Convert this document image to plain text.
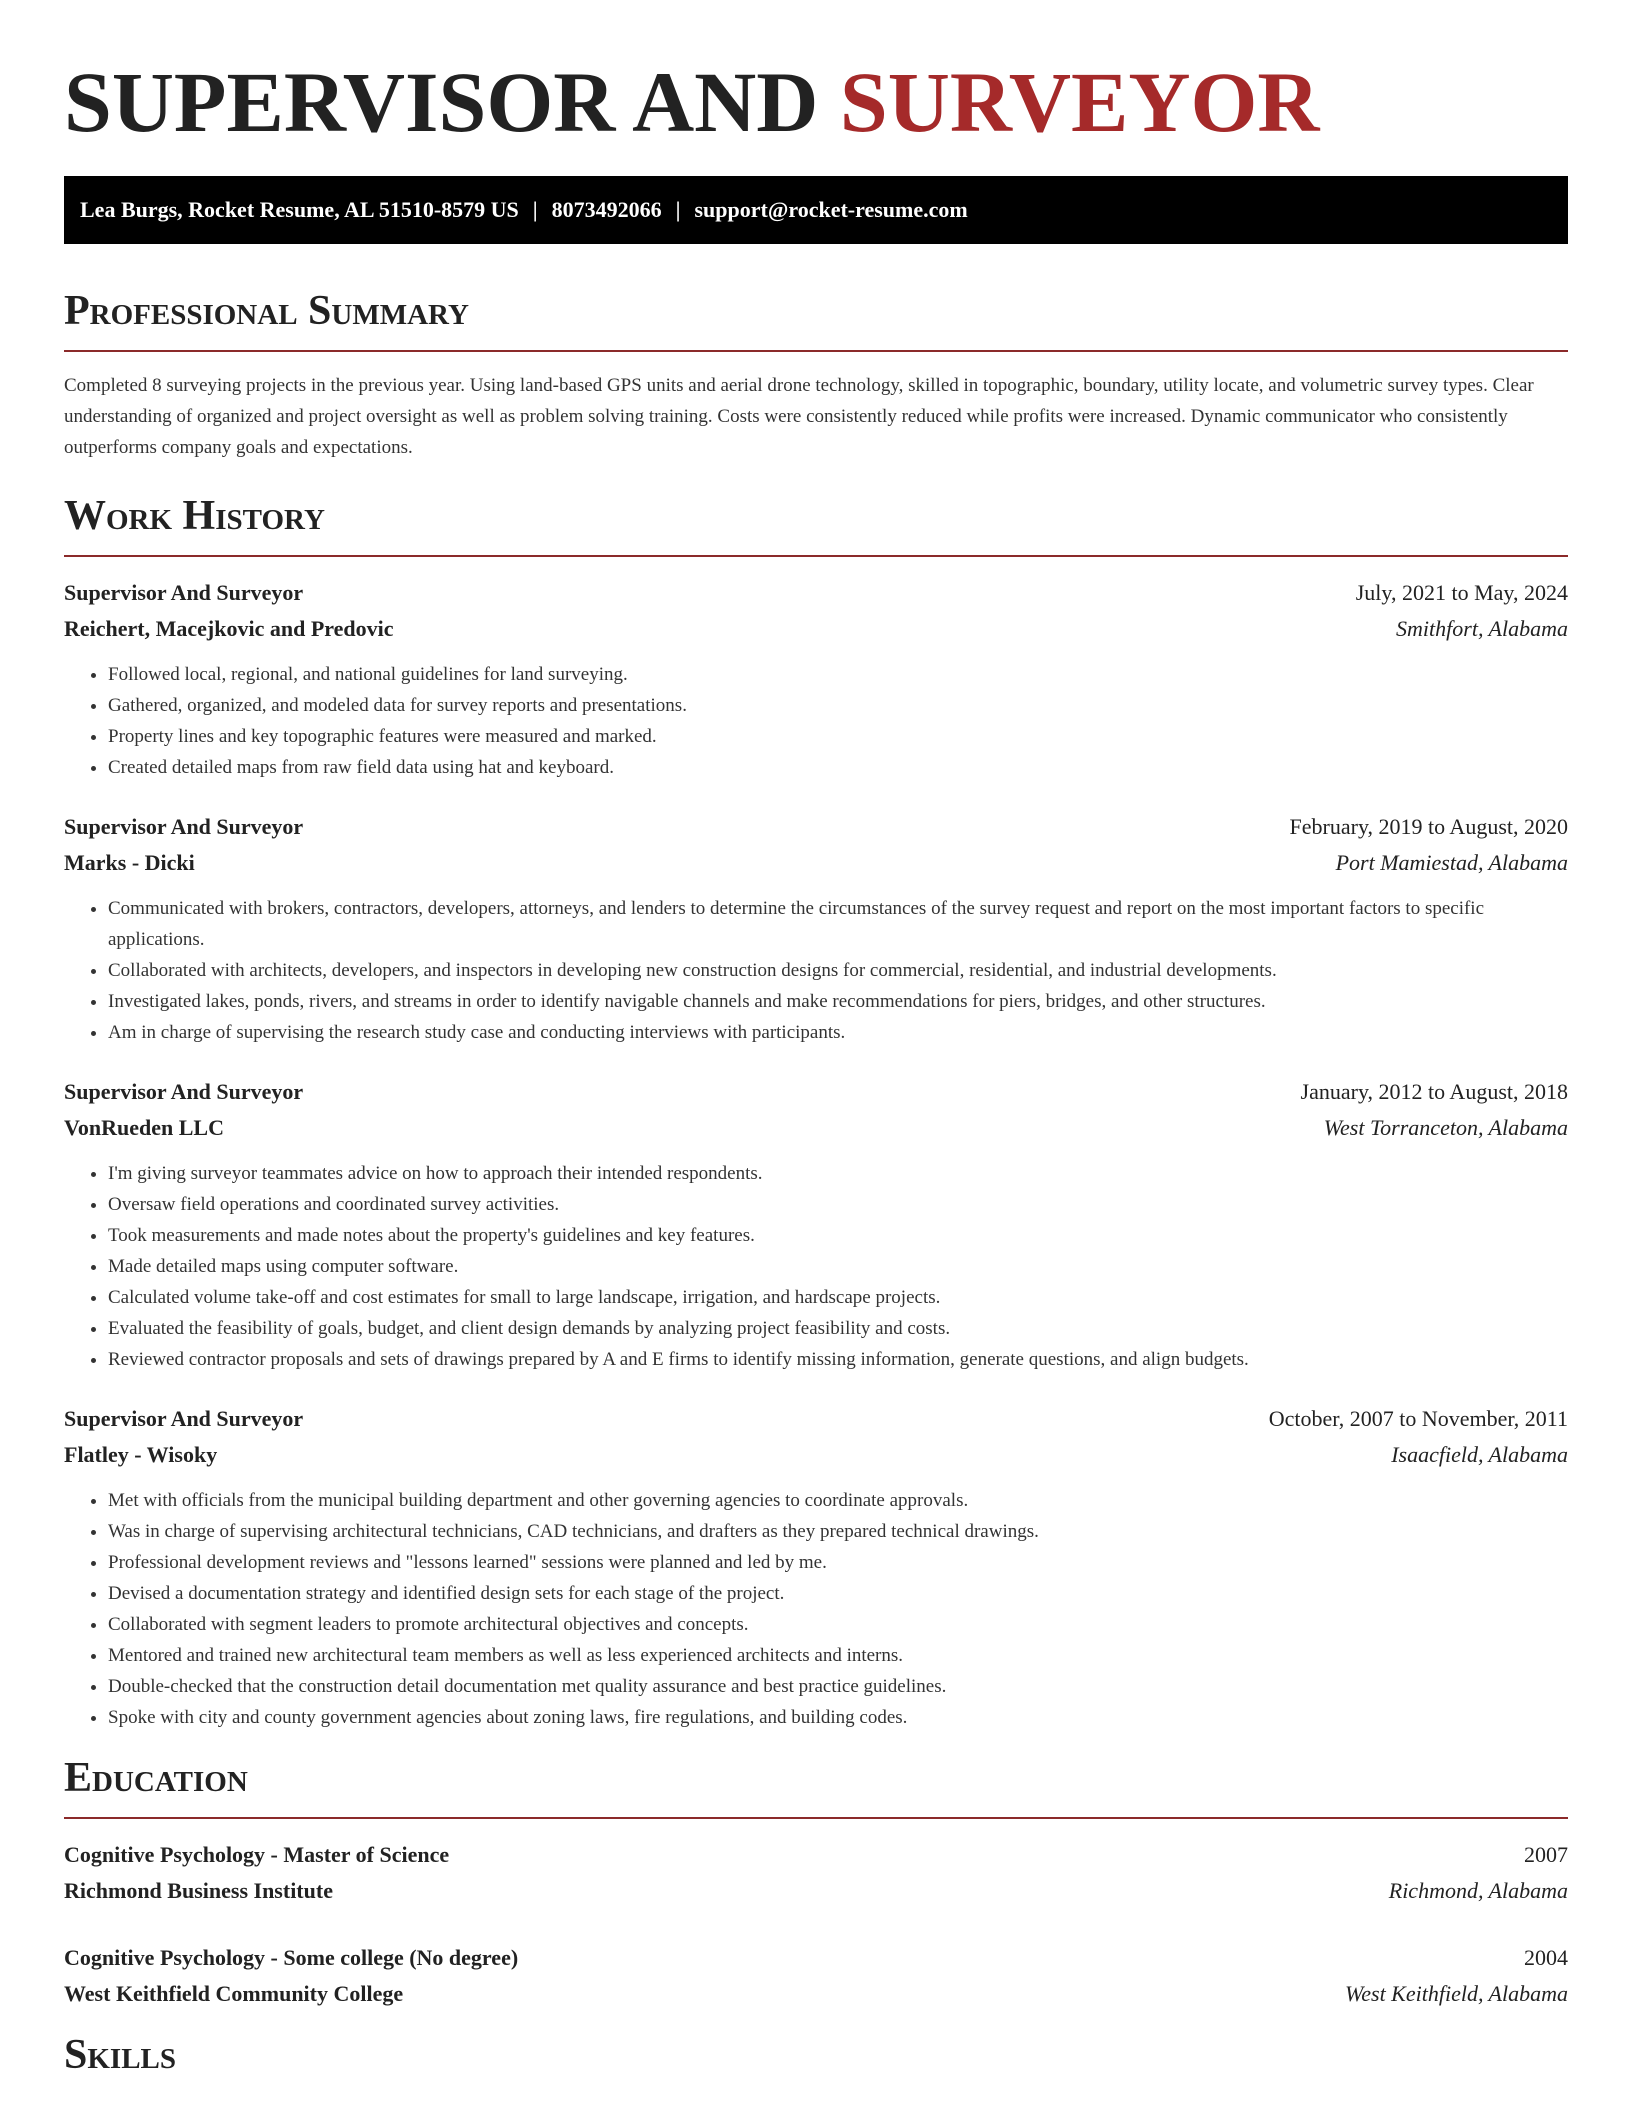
SUPERVISOR AND SURVEYOR
Lea Burgs, Rocket Resume, AL 51510-8579 US | 8073492066 | support@rocket-resume.com
Professional Summary

Completed 8 surveying projects in the previous year. Using land-based GPS units and aerial drone technology, skilled in topographic, boundary, utility locate, and volumetric survey types. Clear understanding of organized and project oversight as well as problem solving training. Costs were consistently reduced while profits were increased. Dynamic communicator who consistently outperforms company goals and expectations.

Work History
Supervisor And Surveyor	July, 2021 to May, 2024
Reichert, Macejkovic and Predovic	Smithfort, Alabama
• Followed local, regional, and national guidelines for land surveying.
• Gathered, organized, and modeled data for survey reports and presentations.
• Property lines and key topographic features were measured and marked.
• Created detailed maps from raw field data using hat and keyboard.
Supervisor And Surveyor	February, 2019 to August, 2020
Marks - Dicki	Port Mamiestad, Alabama
• Communicated with brokers, contractors, developers, attorneys, and lenders to determine the circumstances of the survey request and report on the most important factors to specific applications.
• Collaborated with architects, developers, and inspectors in developing new construction designs for commercial, residential, and industrial developments.
• Investigated lakes, ponds, rivers, and streams in order to identify navigable channels and make recommendations for piers, bridges, and other structures.
• Am in charge of supervising the research study case and conducting interviews with participants.
Supervisor And Surveyor	January, 2012 to August, 2018
VonRueden LLC	West Torranceton, Alabama
• I'm giving surveyor teammates advice on how to approach their intended respondents.
• Oversaw field operations and coordinated survey activities.
• Took measurements and made notes about the property's guidelines and key features.
• Made detailed maps using computer software.
• Calculated volume take-off and cost estimates for small to large landscape, irrigation, and hardscape projects.
• Evaluated the feasibility of goals, budget, and client design demands by analyzing project feasibility and costs.
• Reviewed contractor proposals and sets of drawings prepared by A and E firms to identify missing information, generate questions, and align budgets.
Supervisor And Surveyor	October, 2007 to November, 2011
Flatley - Wisoky	Isaacfield, Alabama
• Met with officials from the municipal building department and other governing agencies to coordinate approvals.
• Was in charge of supervising architectural technicians, CAD technicians, and drafters as they prepared technical drawings.
• Professional development reviews and "lessons learned" sessions were planned and led by me.
• Devised a documentation strategy and identified design sets for each stage of the project.
• Collaborated with segment leaders to promote architectural objectives and concepts.
• Mentored and trained new architectural team members as well as less experienced architects and interns.
• Double-checked that the construction detail documentation met quality assurance and best practice guidelines.
• Spoke with city and county government agencies about zoning laws, fire regulations, and building codes.
Education
Cognitive Psychology - Master of Science	2007
Richmond Business Institute	Richmond, Alabama
Cognitive Psychology - Some college (No degree)	2004
West Keithfield Community College	West Keithfield, Alabama
Skills
